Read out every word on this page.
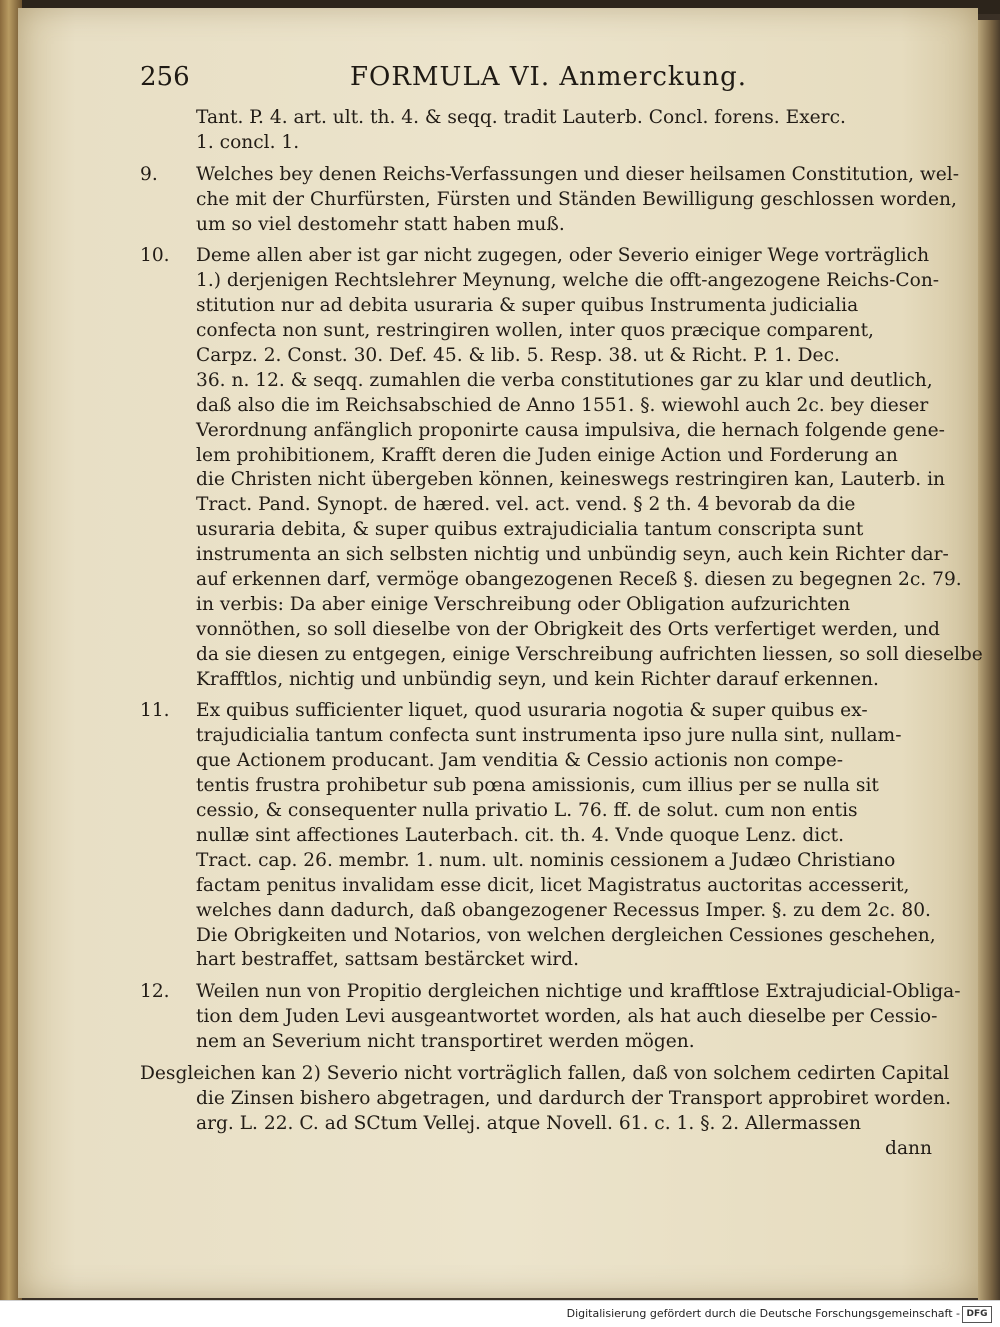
256	FORMULA VI. Anmerckung.
Tant. P. 4. art. ult. th. 4. & seqq. tradit Lauterb. Concl. forens. Exerc.
1. concl. 1.
9. Welches bey denen Reichs-Verfassungen und dieser heilsamen Constitution, wel-
che mit der Churfürsten, Fürsten und Ständen Bewilligung geschlossen worden,
um so viel destomehr statt haben muß.
10. Deme allen aber ist gar nicht zugegen, oder Severio einiger Wege vorträglich
1.) derjenigen Rechtslehrer Meynung, welche die offt-angezogene Reichs-Con-
stitution nur ad debita usuraria & super quibus Instrumenta judicialia
confecta non sunt, restringiren wollen, inter quos præcique comparent,
Carpz. 2. Const. 30. Def. 45. & lib. 5. Resp. 38. ut & Richt. P. 1. Dec.
36. n. 12. & seqq. zumahlen die verba constitutiones gar zu klar und deutlich,
daß also die im Reichsabschied de Anno 1551. §. wiewohl auch 2c. bey dieser
Verordnung anfänglich proponirte causa impulsiva, die hernach folgende gene-
lem prohibitionem, Krafft deren die Juden einige Action und Forderung an
die Christen nicht übergeben können, keineswegs restringiren kan, Lauterb. in
Tract. Pand. Synopt. de hæred. vel. act. vend. § 2 th. 4 bevorab da die
usuraria debita, & super quibus extrajudicialia tantum conscripta sunt
instrumenta an sich selbsten nichtig und unbündig seyn, auch kein Richter dar-
auf erkennen darf, vermöge obangezogenen Receß §. diesen zu begegnen 2c. 79.
in verbis: Da aber einige Verschreibung oder Obligation aufzurichten
vonnöthen, so soll dieselbe von der Obrigkeit des Orts verfertiget werden, und
da sie diesen zu entgegen, einige Verschreibung aufrichten liessen, so soll dieselbe
Krafftlos, nichtig und unbündig seyn, und kein Richter darauf erkennen.
11. Ex quibus sufficienter liquet, quod usuraria nogotia & super quibus ex-
trajudicialia tantum confecta sunt instrumenta ipso jure nulla sint, nullam-
que Actionem producant. Jam venditia & Cessio actionis non compe-
tentis frustra prohibetur sub pœna amissionis, cum illius per se nulla sit
cessio, & consequenter nulla privatio L. 76. ff. de solut. cum non entis
nullæ sint affectiones Lauterbach. cit. th. 4. Vnde quoque Lenz. dict.
Tract. cap. 26. membr. 1. num. ult. nominis cessionem a Judæo Christiano
factam penitus invalidam esse dicit, licet Magistratus auctoritas accesserit,
welches dann dadurch, daß obangezogener Recessus Imper. §. zu dem 2c. 80.
Die Obrigkeiten und Notarios, von welchen dergleichen Cessiones geschehen,
hart bestraffet, sattsam bestärcket wird.
12. Weilen nun von Propitio dergleichen nichtige und krafftlose Extrajudicial-Obliga-
tion dem Juden Levi ausgeantwortet worden, als hat auch dieselbe per Cessio-
nem an Severium nicht transportiret werden mögen.
Desgleichen kan 2) Severio nicht vorträglich fallen, daß von solchem cedirten Capital
die Zinsen bishero abgetragen, und dardurch der Transport approbiret worden.
arg. L. 22. C. ad SCtum Vellej. atque Novell. 61. c. 1. §. 2. Allermassen
dann
Digitalisierung gefördert durch die Deutsche Forschungsgemeinschaft - DFG
